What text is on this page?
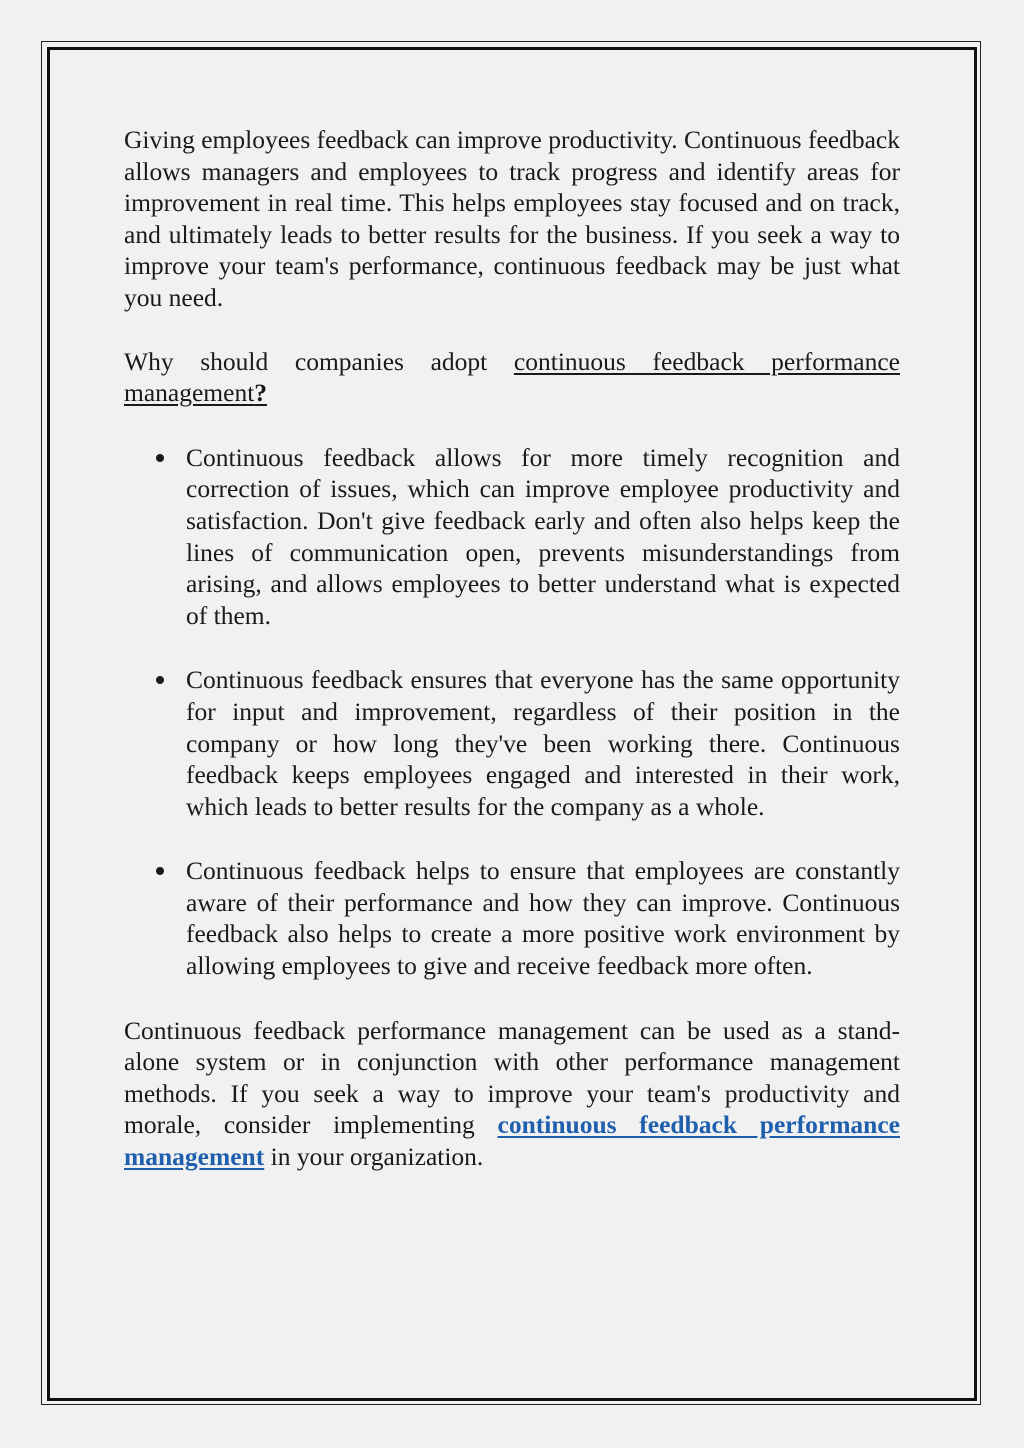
Giving employees feedback can improve productivity. Continuous feedback allows managers and employees to track progress and identify areas for improvement in real time. This helps employees stay focused and on track, and ultimately leads to better results for the business. If you seek a way to improve your team's performance, continuous feedback may be just what you need.

Why should companies adopt continuous feedback performance management?

Continuous feedback allows for more timely recognition and correction of issues, which can improve employee productivity and satisfaction. Don't give feedback early and often also helps keep the lines of communication open, prevents misunderstandings from arising, and allows employees to better understand what is expected of them.
Continuous feedback ensures that everyone has the same opportunity for input and improvement, regardless of their position in the company or how long they've been working there. Continuous feedback keeps employees engaged and interested in their work, which leads to better results for the company as a whole.
Continuous feedback helps to ensure that employees are constantly aware of their performance and how they can improve. Continuous feedback also helps to create a more positive work environment by allowing employees to give and receive feedback more often.

Continuous feedback performance management can be used as a stand-alone system or in conjunction with other performance management methods. If you seek a way to improve your team's productivity and morale, consider implementing continuous feedback performance management in your organization.
